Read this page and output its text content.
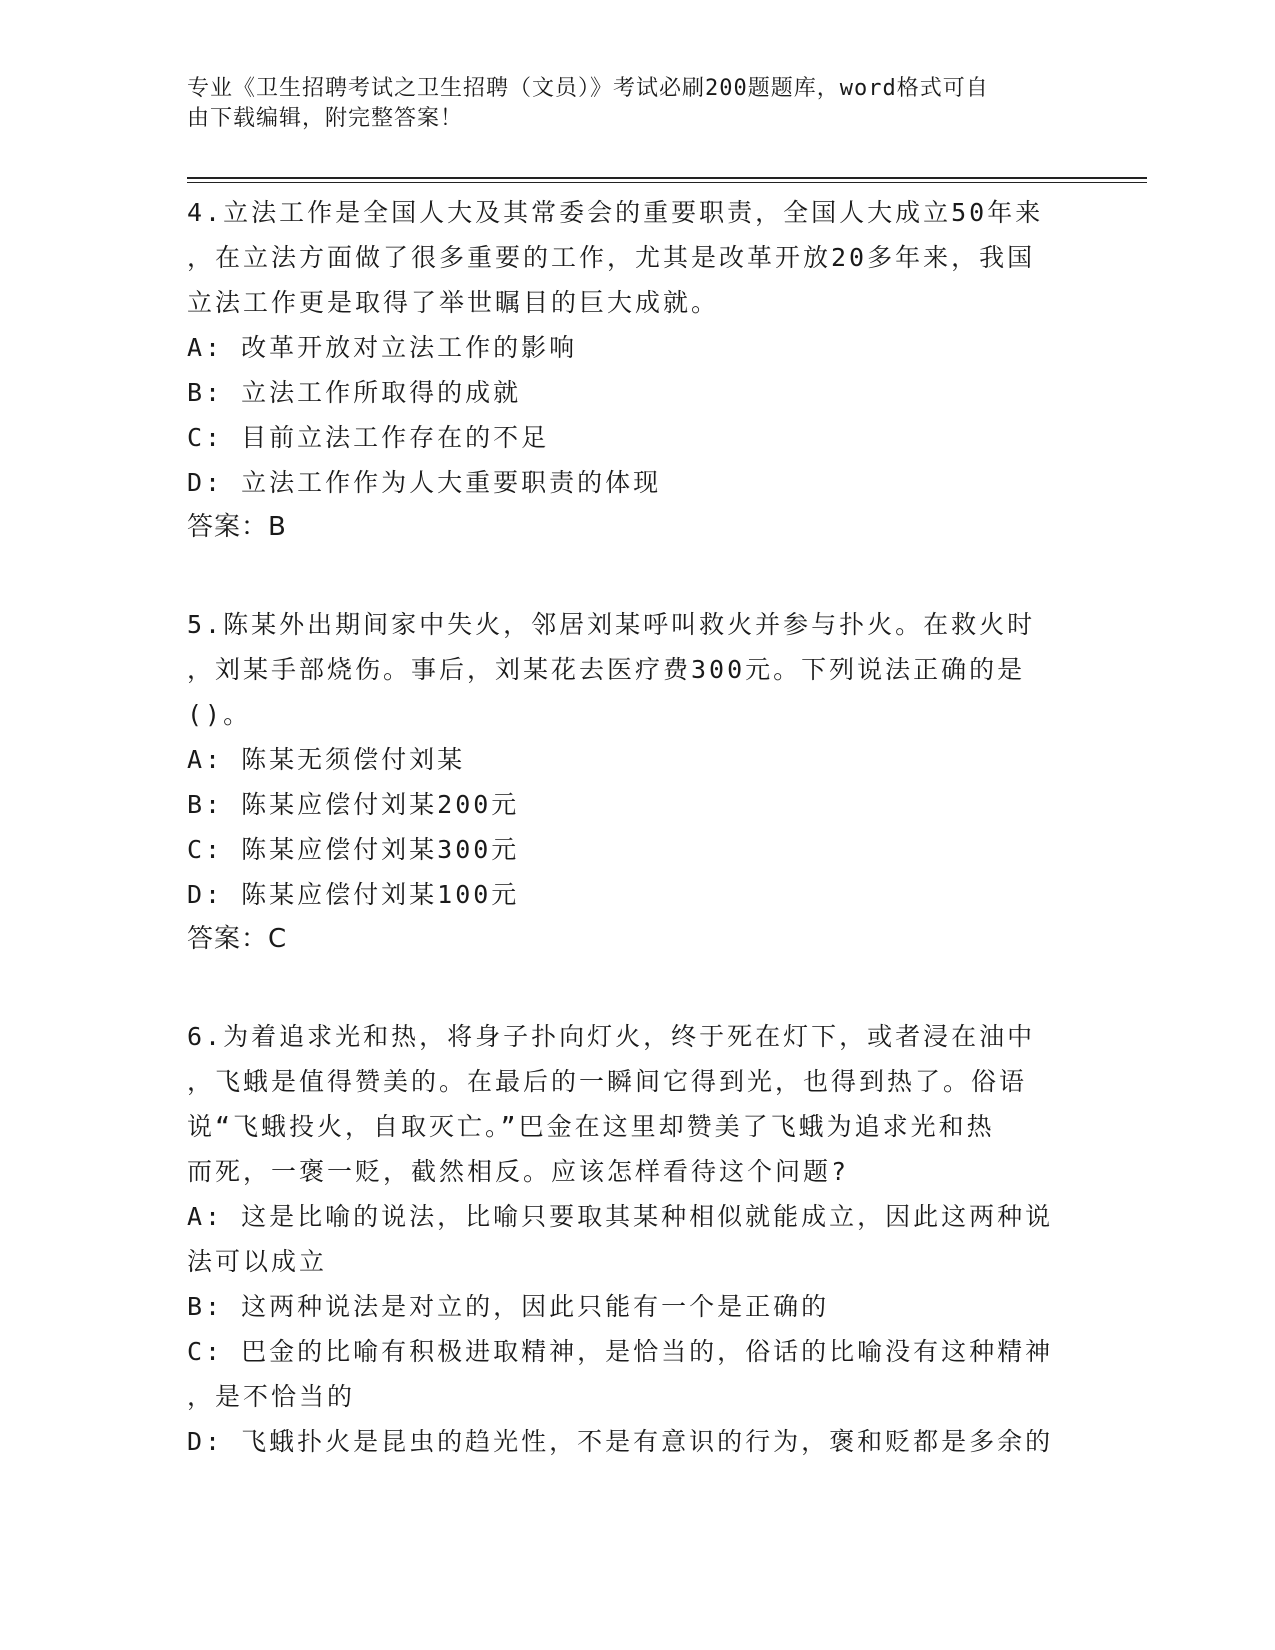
专业《卫生招聘考试之卫生招聘（文员）》考试必刷200题题库，word格式可自
由下载编辑，附完整答案！
4.立法工作是全国人大及其常委会的重要职责，全国人大成立50年来
，在立法方面做了很多重要的工作，尤其是改革开放20多年来，我国
立法工作更是取得了举世瞩目的巨大成就。
A: 改革开放对立法工作的影响
B: 立法工作所取得的成就
C: 目前立法工作存在的不足
D: 立法工作作为人大重要职责的体现
答案：B
5.陈某外出期间家中失火，邻居刘某呼叫救火并参与扑火。在救火时
，刘某手部烧伤。事后，刘某花去医疗费300元。下列说法正确的是
()。
A: 陈某无须偿付刘某
B: 陈某应偿付刘某200元
C: 陈某应偿付刘某300元
D: 陈某应偿付刘某100元
答案：C
6.为着追求光和热，将身子扑向灯火，终于死在灯下，或者浸在油中
，飞蛾是值得赞美的。在最后的一瞬间它得到光，也得到热了。俗语
说“飞蛾投火，自取灭亡。”巴金在这里却赞美了飞蛾为追求光和热
而死，一褒一贬，截然相反。应该怎样看待这个问题?
A: 这是比喻的说法，比喻只要取其某种相似就能成立，因此这两种说
法可以成立
B: 这两种说法是对立的，因此只能有一个是正确的
C: 巴金的比喻有积极进取精神，是恰当的，俗话的比喻没有这种精神
，是不恰当的
D: 飞蛾扑火是昆虫的趋光性，不是有意识的行为，褒和贬都是多余的
